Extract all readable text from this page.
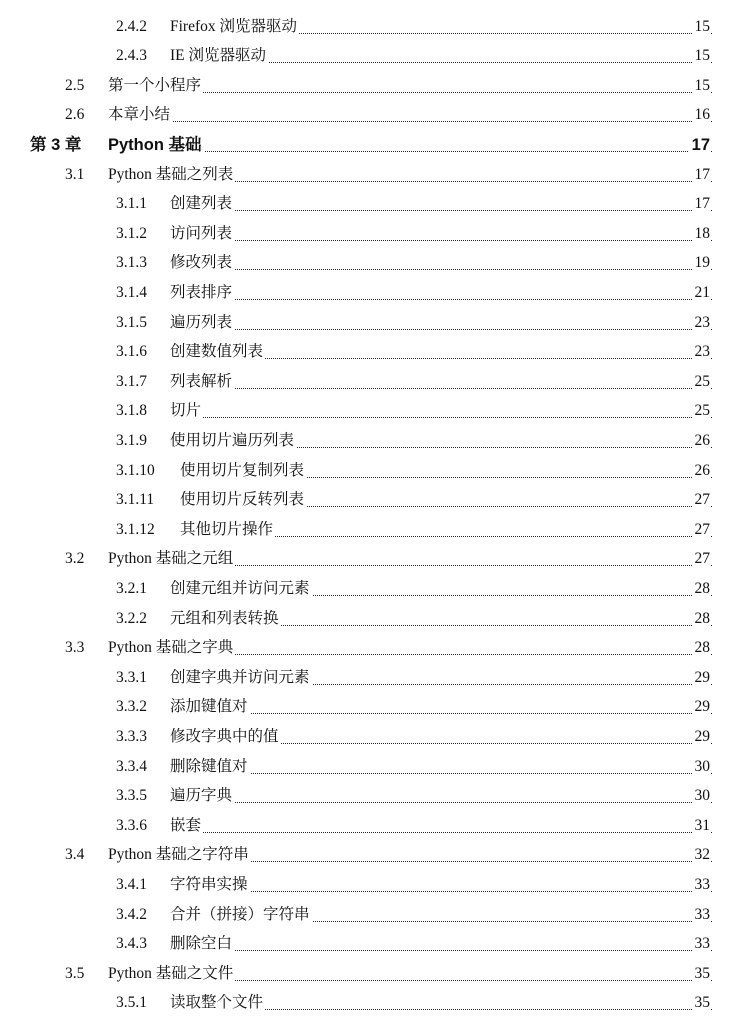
2.4.2 Firefox 浏览器驱动	15
2.4.3 IE 浏览器驱动	15
2.5 第一个小程序	15
2.6 本章小结	16
第 3 章 Python 基础	17
3.1 Python 基础之列表	17
3.1.1 创建列表	17
3.1.2 访问列表	18
3.1.3 修改列表	19
3.1.4 列表排序	21
3.1.5 遍历列表	23
3.1.6 创建数值列表	23
3.1.7 列表解析	25
3.1.8 切片	25
3.1.9 使用切片遍历列表	26
3.1.10 使用切片复制列表	26
3.1.11 使用切片反转列表	27
3.1.12 其他切片操作	27
3.2 Python 基础之元组	27
3.2.1 创建元组并访问元素	28
3.2.2 元组和列表转换	28
3.3 Python 基础之字典	28
3.3.1 创建字典并访问元素	29
3.3.2 添加键值对	29
3.3.3 修改字典中的值	29
3.3.4 删除键值对	30
3.3.5 遍历字典	30
3.3.6 嵌套	31
3.4 Python 基础之字符串	32
3.4.1 字符串实操	33
3.4.2 合并（拼接）字符串	33
3.4.3 删除空白	33
3.5 Python 基础之文件	35
3.5.1 读取整个文件	35
